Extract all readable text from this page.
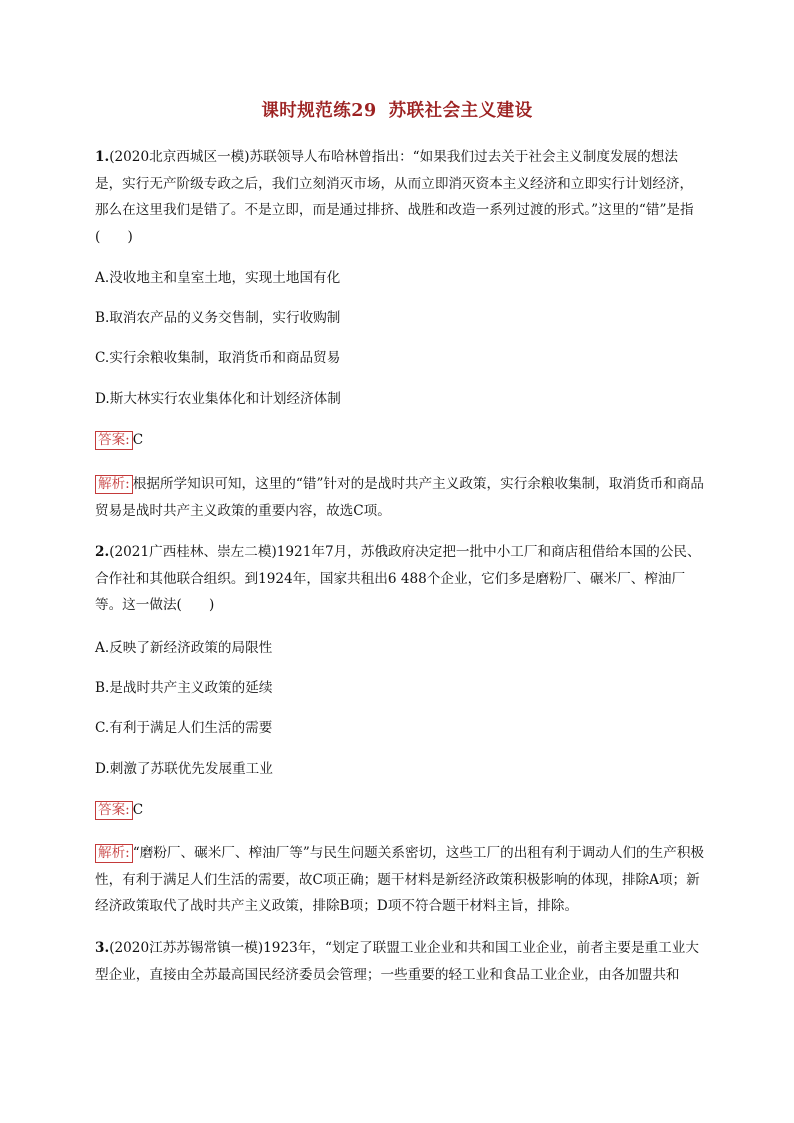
课时规范练29 苏联社会主义建设

1.(2020北京西城区一模)苏联领导人布哈林曾指出：“如果我们过去关于社会主义制度发展的想法是，实行无产阶级专政之后，我们立刻消灭市场，从而立即消灭资本主义经济和立即实行计划经济，那么在这里我们是错了。不是立即，而是通过排挤、战胜和改造一系列过渡的形式。”这里的“错”是指(　　)

A.没收地主和皇室土地，实现土地国有化

B.取消农产品的义务交售制，实行收购制

C.实行余粮收集制，取消货币和商品贸易

D.斯大林实行农业集体化和计划经济体制

答案: C

解析: 根据所学知识可知，这里的“错”针对的是战时共产主义政策，实行余粮收集制，取消货币和商品贸易是战时共产主义政策的重要内容，故选C项。

2.(2021广西桂林、崇左二模)1921年7月，苏俄政府决定把一批中小工厂和商店租借给本国的公民、合作社和其他联合组织。到1924年，国家共租出6 488个企业，它们多是磨粉厂、碾米厂、榨油厂等。这一做法(　　)

A.反映了新经济政策的局限性

B.是战时共产主义政策的延续

C.有利于满足人们生活的需要

D.刺激了苏联优先发展重工业

答案: C

解析: “磨粉厂、碾米厂、榨油厂等”与民生问题关系密切，这些工厂的出租有利于调动人们的生产积极性，有利于满足人们生活的需要，故C项正确；题干材料是新经济政策积极影响的体现，排除A项；新经济政策取代了战时共产主义政策，排除B项；D项不符合题干材料主旨，排除。

3.(2020江苏苏锡常镇一模)1923年，“划定了联盟工业企业和共和国工业企业，前者主要是重工业大型企业，直接由全苏最高国民经济委员会管理；一些重要的轻工业和食品工业企业，由各加盟共和
